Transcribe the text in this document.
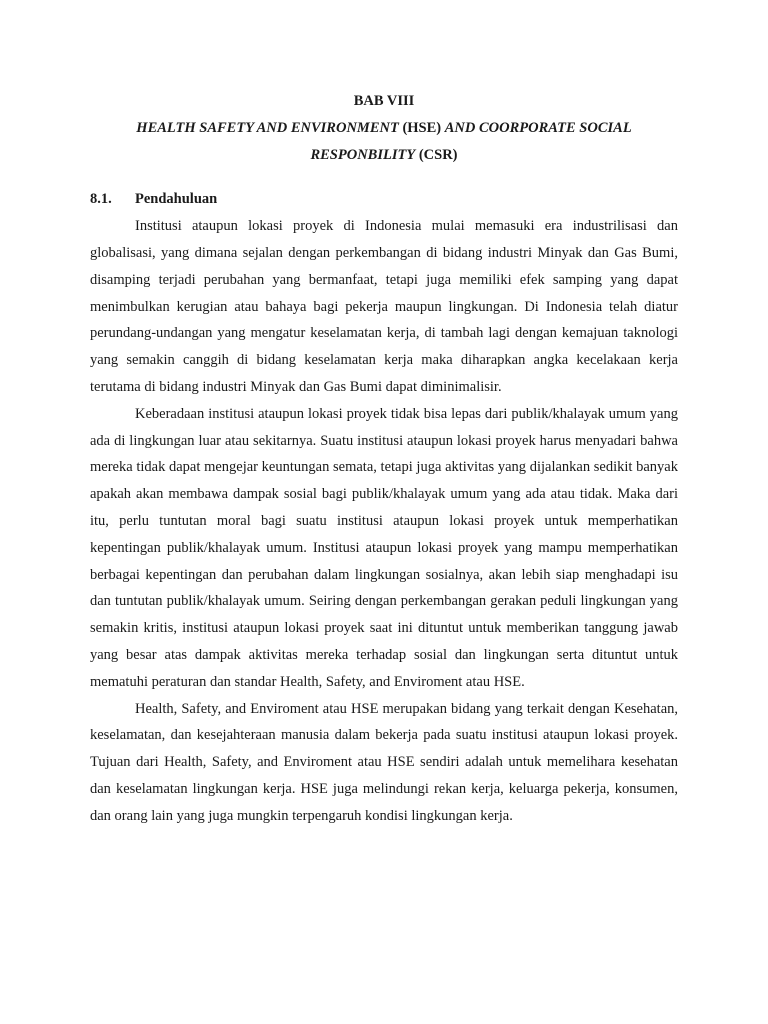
BAB VIII
HEALTH SAFETY AND ENVIRONMENT (HSE) AND COORPORATE SOCIAL RESPONBILITY (CSR)
8.1.	Pendahuluan

Institusi ataupun lokasi proyek di Indonesia mulai memasuki era industrilisasi dan globalisasi, yang dimana sejalan dengan perkembangan di bidang industri Minyak dan Gas Bumi, disamping terjadi perubahan yang bermanfaat, tetapi juga memiliki efek samping yang dapat menimbulkan kerugian atau bahaya bagi pekerja maupun lingkungan. Di Indonesia telah diatur perundang-undangan yang mengatur keselamatan kerja, di tambah lagi dengan kemajuan taknologi yang semakin canggih di bidang keselamatan kerja maka diharapkan angka kecelakaan kerja terutama di bidang industri Minyak dan Gas Bumi dapat diminimalisir.

Keberadaan institusi ataupun lokasi proyek tidak bisa lepas dari publik/khalayak umum yang ada di lingkungan luar atau sekitarnya. Suatu institusi ataupun lokasi proyek harus menyadari bahwa mereka tidak dapat mengejar keuntungan semata, tetapi juga aktivitas yang dijalankan sedikit banyak apakah akan membawa dampak sosial bagi publik/khalayak umum yang ada atau tidak. Maka dari itu, perlu tuntutan moral bagi suatu institusi ataupun lokasi proyek untuk memperhatikan kepentingan publik/khalayak umum. Institusi ataupun lokasi proyek yang mampu memperhatikan berbagai kepentingan dan perubahan dalam lingkungan sosialnya, akan lebih siap menghadapi isu dan tuntutan publik/khalayak umum. Seiring dengan perkembangan gerakan peduli lingkungan yang semakin kritis, institusi ataupun lokasi proyek saat ini dituntut untuk memberikan tanggung jawab yang besar atas dampak aktivitas mereka terhadap sosial dan lingkungan serta dituntut untuk mematuhi peraturan dan standar Health, Safety, and Enviroment atau HSE.

Health, Safety, and Enviroment atau HSE merupakan bidang yang terkait dengan Kesehatan, keselamatan, dan kesejahteraan manusia dalam bekerja pada suatu institusi ataupun lokasi proyek. Tujuan dari Health, Safety, and Enviroment atau HSE sendiri adalah untuk memelihara kesehatan dan keselamatan lingkungan kerja. HSE juga melindungi rekan kerja, keluarga pekerja, konsumen, dan orang lain yang juga mungkin terpengaruh kondisi lingkungan kerja.
